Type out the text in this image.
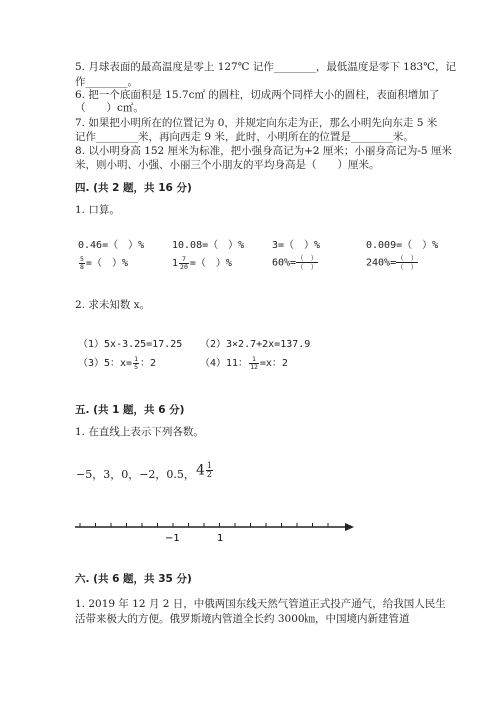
5. 月球表面的最高温度是零上 127℃ 记作________，最低温度是零下 183℃，记
作________。
6. 把一个底面积是 15.7c㎡ 的圆柱，切成两个同样大小的圆柱，表面积增加了
（　　）c㎡。
7. 如果把小明所在的位置记为 0，并规定向东走为正，那么小明先向东走 5 米
记作________米，再向西走 9 米，此时，小明所在的位置是________米。
8. 以小明身高 152 厘米为标准，把小强身高记为+2 厘米；小丽身高记为-5 厘米
米，则小明、小强、小丽三个小朋友的平均身高是（　　）厘米。
四. (共 2 题，共 16 分)
1. 口算。
0.46=（　）%	10.08=（　）%	3=（　）%	0.009=（　）%
$\frac{5}{8}$ =（　）%	$1 \frac{7}{20}$ =（　）%	$60\%= \frac{( )}{( )}$	$240\%= \frac{( )}{( )}$
2. 求未知数 x。
（1）5x-3.25=17.25 （2）3×2.7+2x=137.9
（3）5：$x= \frac{1}{5}$ ：2	（4）11： $\frac{1}{12} =x$：2
五. (共 1 题，共 6 分)
1. 在直线上表示下列各数。
−5，3，0，−2，0.5， $4 \frac{1}{2}$
−1	1
六. (共 6 题，共 35 分)
1. 2019 年 12 月 2 日，中俄两国东线天然气管道正式投产通气，给我国人民生
活带来极大的方便。俄罗斯境内管道全长约 3000㎞，中国境内新建管道
